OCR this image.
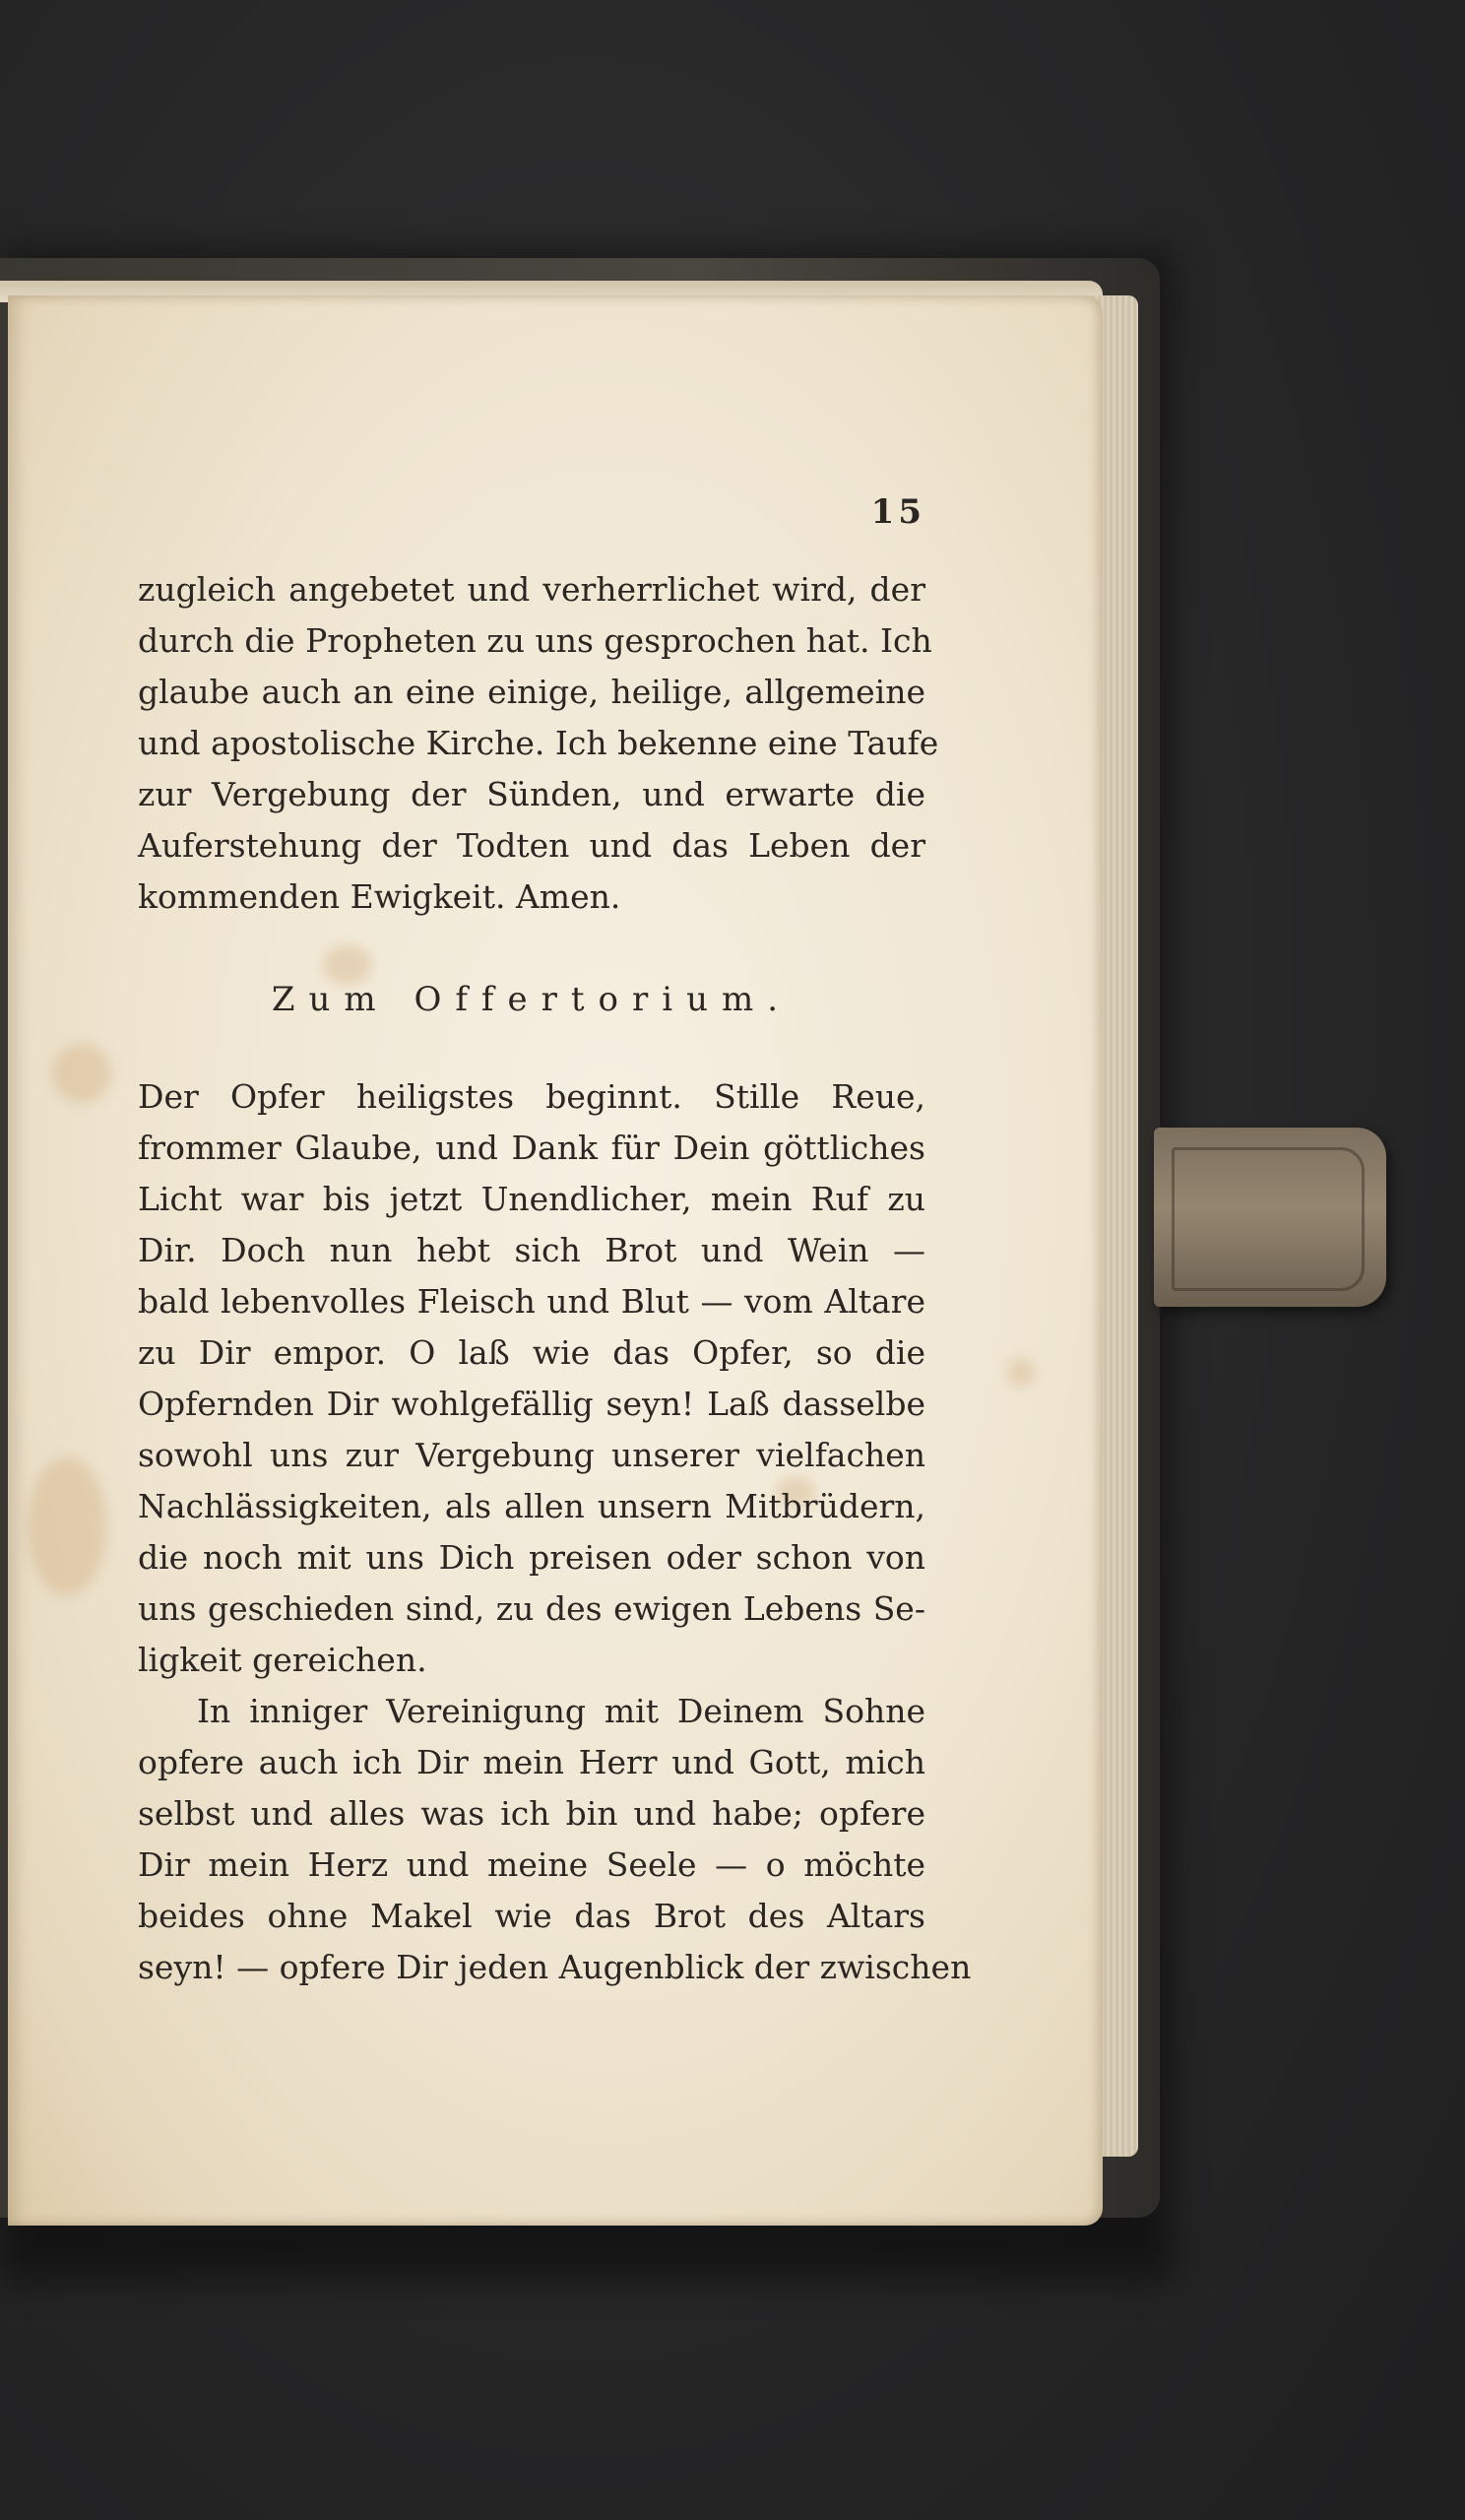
15
zugleich angebetet und verherrlichet wird, der
durch die Propheten zu uns gesprochen hat. Ich
glaube auch an eine einige, heilige, allgemeine
und apostolische Kirche. Ich bekenne eine Taufe
zur Vergebung der Sünden, und erwarte die
Auferstehung der Todten und das Leben der
kommenden Ewigkeit. Amen.
Zum Offertorium.
Der Opfer heiligstes beginnt. Stille Reue,
frommer Glaube, und Dank für Dein göttliches
Licht war bis jetzt Unendlicher, mein Ruf zu
Dir. Doch nun hebt sich Brot und Wein —
bald lebenvolles Fleisch und Blut — vom Altare
zu Dir empor. O laß wie das Opfer, so die
Opfernden Dir wohlgefällig seyn! Laß dasselbe
sowohl uns zur Vergebung unserer vielfachen
Nachlässigkeiten, als allen unsern Mitbrüdern,
die noch mit uns Dich preisen oder schon von
uns geschieden sind, zu des ewigen Lebens Se-
ligkeit gereichen.
In inniger Vereinigung mit Deinem Sohne
opfere auch ich Dir mein Herr und Gott, mich
selbst und alles was ich bin und habe; opfere
Dir mein Herz und meine Seele — o möchte
beides ohne Makel wie das Brot des Altars
seyn! — opfere Dir jeden Augenblick der zwischen
